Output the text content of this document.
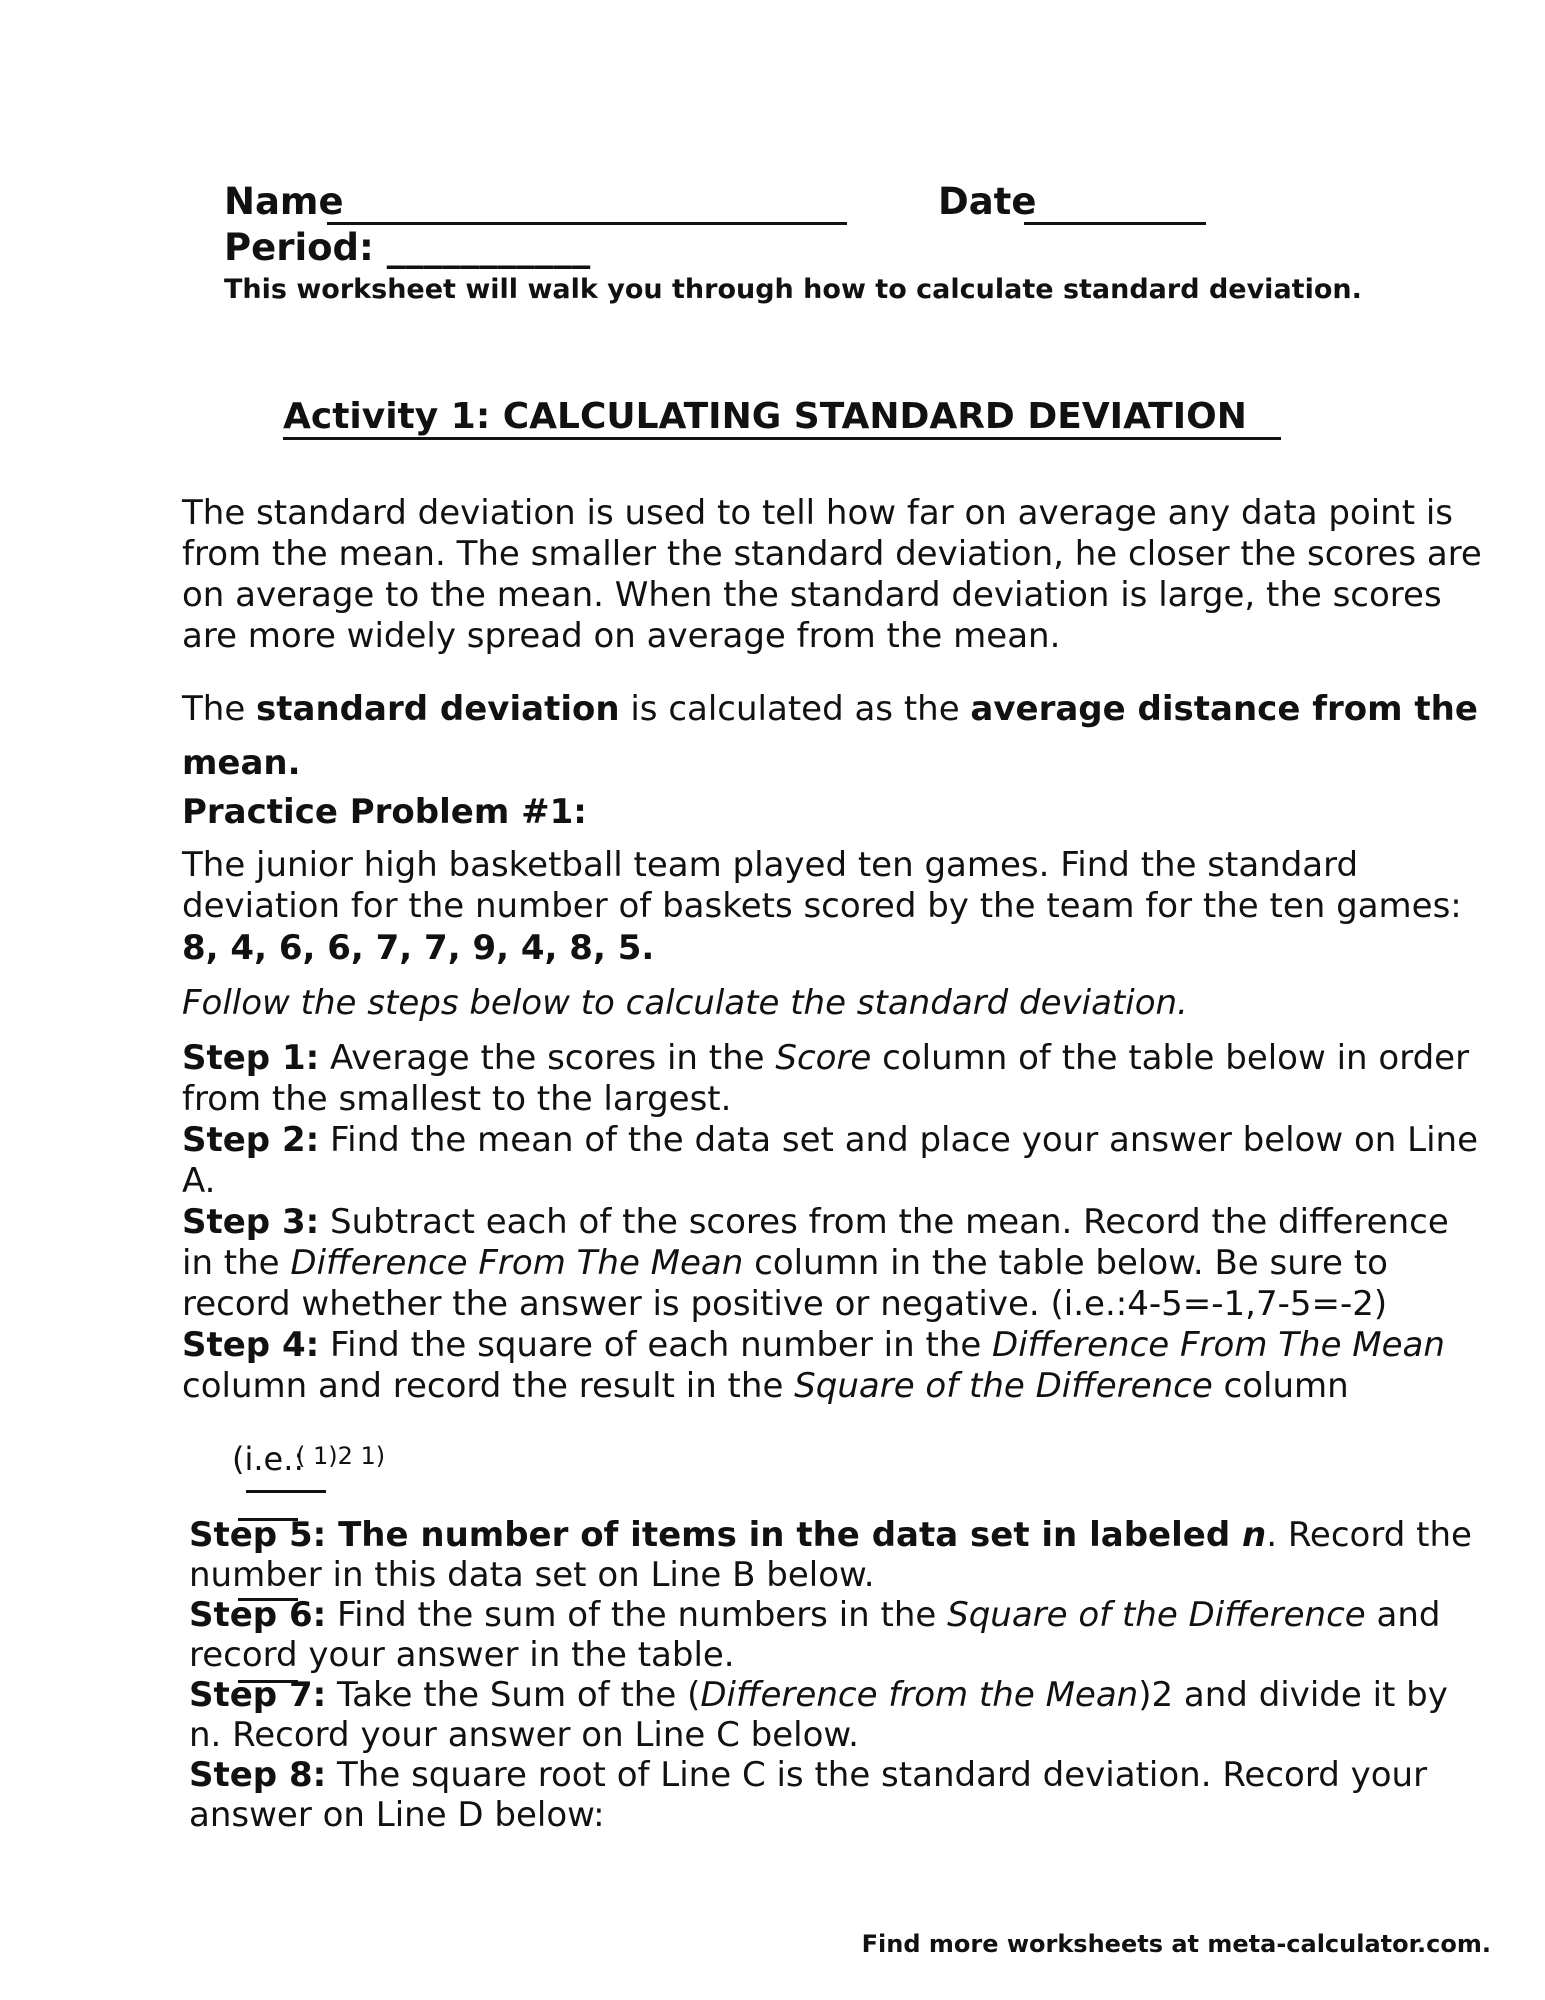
Name	Date
Period: ___________
This worksheet will walk you through how to calculate standard deviation.
Activity 1: CALCULATING STANDARD DEVIATION
The standard deviation is used to tell how far on average any data point is from the mean. The smaller the standard deviation, he closer the scores are on average to the mean. When the standard deviation is large, the scores are more widely spread on average from the mean.
The standard deviation is calculated as the average distance from the mean.
Practice Problem #1:
The junior high basketball team played ten games. Find the standard deviation for the number of baskets scored by the team for the ten games:
8, 4, 6, 6, 7, 7, 9, 4, 8, 5.
Follow the steps below to calculate the standard deviation.
Step 1: Average the scores in the Score column of the table below in order from the smallest to the largest.
Step 2: Find the mean of the data set and place your answer below on Line A.
Step 3: Subtract each of the scores from the mean. Record the difference in the Difference From The Mean column in the table below. Be sure to record whether the answer is positive or negative. (i.e.:4-5=-1,7-5=-2)
Step 4: Find the square of each number in the Difference From The Mean column and record the result in the Square of the Difference column
(i.e.:
( 1)2 1)
Step 5: The number of items in the data set in labeled n. Record the number in this data set on Line B below.
Step 6: Find the sum of the numbers in the Square of the Difference and record your answer in the table.
Step 7: Take the Sum of the (Difference from the Mean)2 and divide it by n. Record your answer on Line C below.
Step 8: The square root of Line C is the standard deviation. Record your answer on Line D below:
Find more worksheets at meta-calculator.com.
